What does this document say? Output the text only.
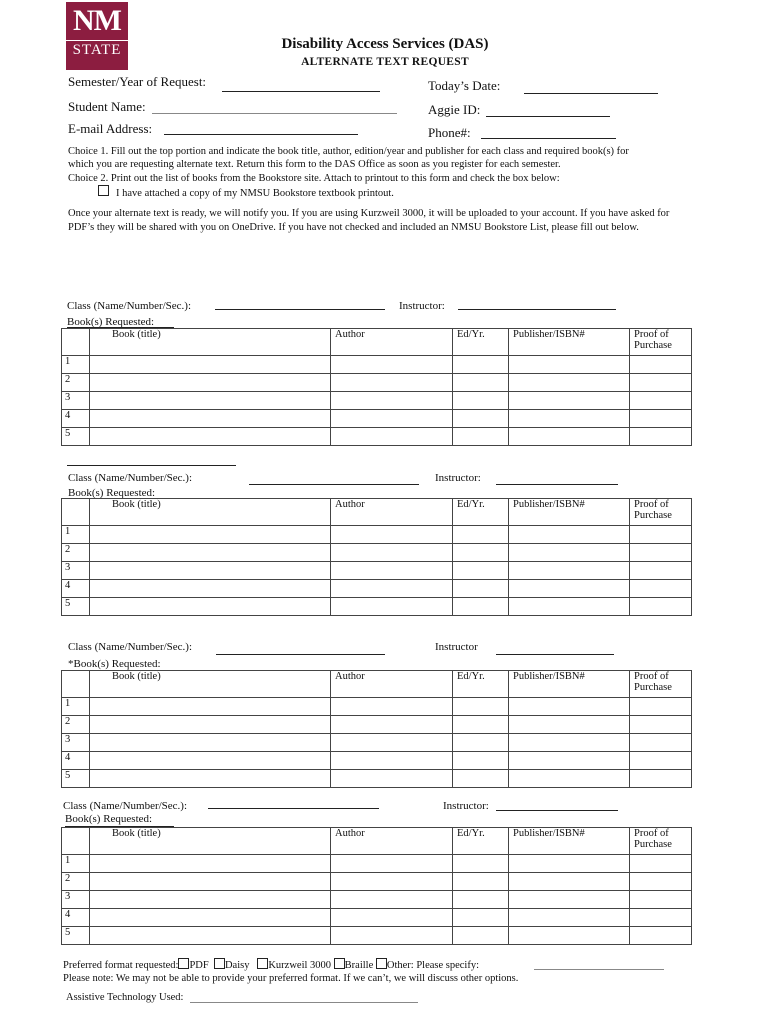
NM
STATE	Disability Access Services (DAS)
ALTERNATE TEXT REQUEST
Semester/Year of Request:	Today’s Date:
Student Name:	Aggie ID:
E-mail Address:	Phone#:
Choice 1. Fill out the top portion and indicate the book title, author, edition/year and publisher for each class and required book(s) for
which you are requesting alternate text. Return this form to the DAS Office as soon as you register for each semester.
Choice 2. Print out the list of books from the Bookstore site. Attach to printout to this form and check the box below:
I have attached a copy of my NMSU Bookstore textbook printout.
Once your alternate text is ready, we will notify you. If you are using Kurzweil 3000, it will be uploaded to your account. If you have asked for
PDF’s they will be shared with you on OneDrive. If you have not checked and included an NMSU Bookstore List, please fill out below.
Class (Name/Number/Sec.):	Instructor:
Book(s) Requested:
Class (Name/Number/Sec.):	Instructor:
Book(s) Requested:
Class (Name/Number/Sec.):	Instructor
*Book(s) Requested:
Class (Name/Number/Sec.):	Instructor:
Book(s) Requested:
Preferred format requested: PDF Daisy Kurzweil 3000 Braille Other: Please specify:
Please note: We may not be able to provide your preferred format. If we can’t, we will discuss other options.
Assistive Technology Used:
	Book (title)	Author	Ed/Yr.	Publisher/ISBN#	Proof of
Purchase

1					
2					
3					
4					
5					
	Book (title)	Author	Ed/Yr.	Publisher/ISBN#	Proof of
Purchase

1					
2					
3					
4					
5					
	Book (title)	Author	Ed/Yr.	Publisher/ISBN#	Proof of
Purchase

1					
2					
3					
4					
5					
	Book (title)	Author	Ed/Yr.	Publisher/ISBN#	Proof of
Purchase

1					
2					
3					
4					
5					
